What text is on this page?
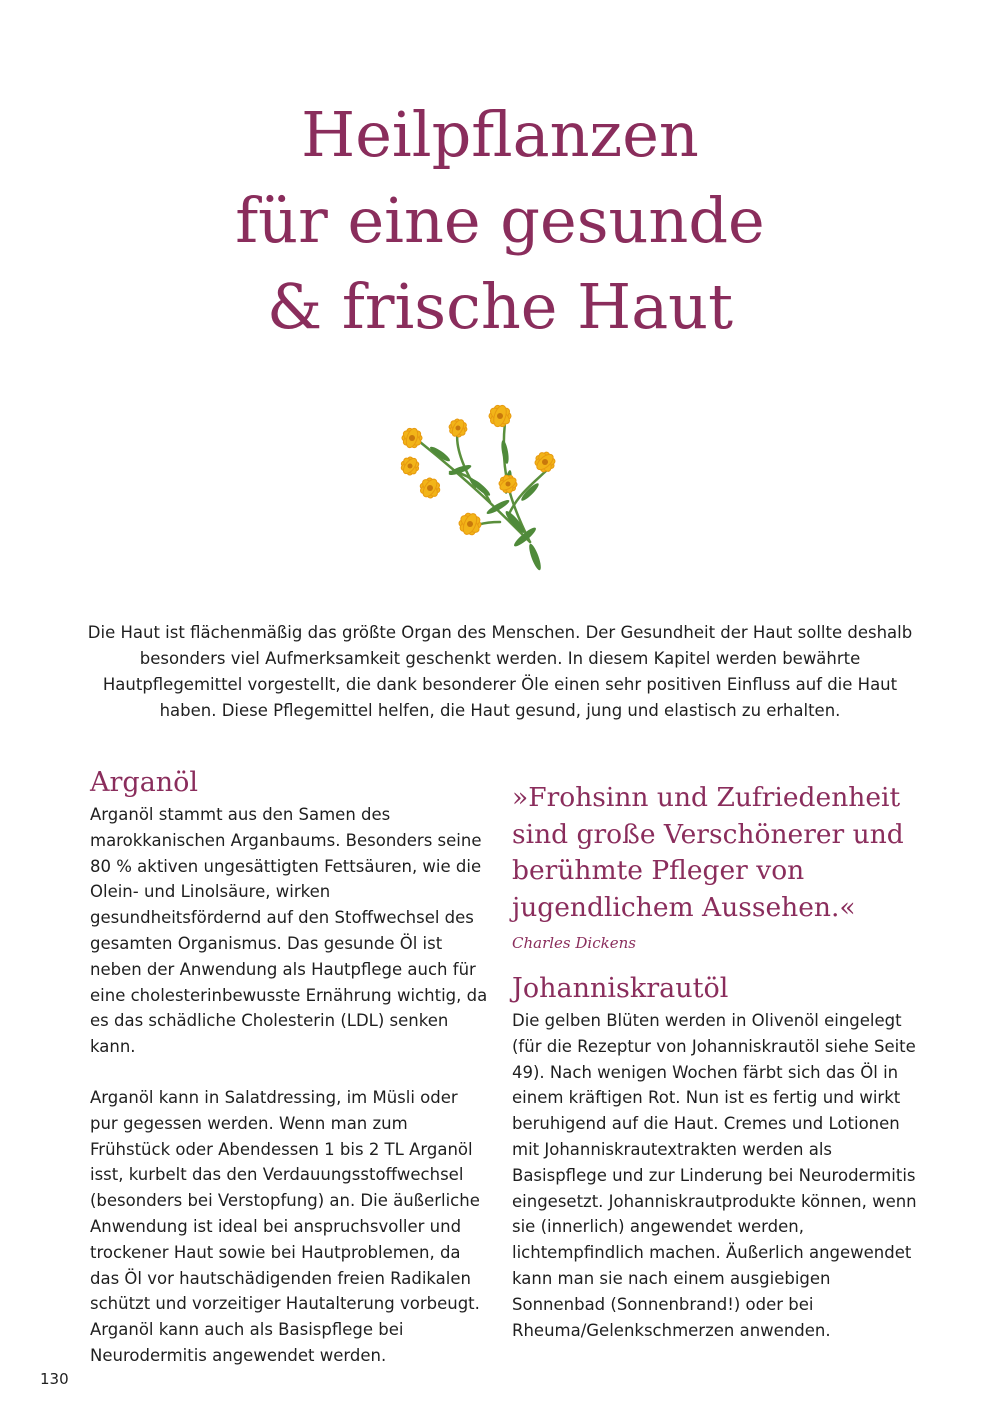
Heilpflanzen
für eine gesunde
& frische Haut

Die Haut ist flächenmäßig das größte Organ des Menschen. Der Gesundheit der Haut sollte deshalb besonders viel Aufmerksamkeit geschenkt werden. In diesem Kapitel werden bewährte Hautpflegemittel vorgestellt, die dank besonderer Öle einen sehr positiven Einfluss auf die Haut haben. Diese Pflegemittel helfen, die Haut gesund, jung und elastisch zu erhalten.

Arganöl

Arganöl stammt aus den Samen des marokkanischen Arganbaums. Besonders seine 80 % aktiven ungesättigten Fettsäuren, wie die Olein- und Linolsäure, wirken gesundheitsfördernd auf den Stoffwechsel des gesamten Organismus. Das gesunde Öl ist neben der Anwendung als Hautpflege auch für eine cholesterinbewusste Ernährung wichtig, da es das schädliche Cholesterin (LDL) senken kann.

Arganöl kann in Salatdressing, im Müsli oder pur gegessen werden. Wenn man zum Frühstück oder Abendessen 1 bis 2 TL Arganöl isst, kurbelt das den Verdauungsstoffwechsel (besonders bei Verstopfung) an. Die äußerliche Anwendung ist ideal bei anspruchsvoller und trockener Haut sowie bei Hautproblemen, da das Öl vor hautschädigenden freien Radikalen schützt und vorzeitiger Hautalterung vorbeugt. Arganöl kann auch als Basispflege bei Neurodermitis angewendet werden.

»Frohsinn und Zufriedenheit sind große Verschönerer und berühmte Pfleger von jugendlichem Aussehen.«

Charles Dickens

Johanniskrautöl

Die gelben Blüten werden in Olivenöl eingelegt (für die Rezeptur von Johanniskrautöl siehe Seite 49). Nach wenigen Wochen färbt sich das Öl in einem kräftigen Rot. Nun ist es fertig und wirkt beruhigend auf die Haut. Cremes und Lotionen mit Johanniskrautextrakten werden als Basispflege und zur Linderung bei Neurodermitis eingesetzt. Johanniskrautprodukte können, wenn sie (innerlich) angewendet werden, lichtempfindlich machen. Äußerlich angewendet kann man sie nach einem ausgiebigen Sonnenbad (Sonnenbrand!) oder bei Rheuma/Gelenkschmerzen anwenden.

130
